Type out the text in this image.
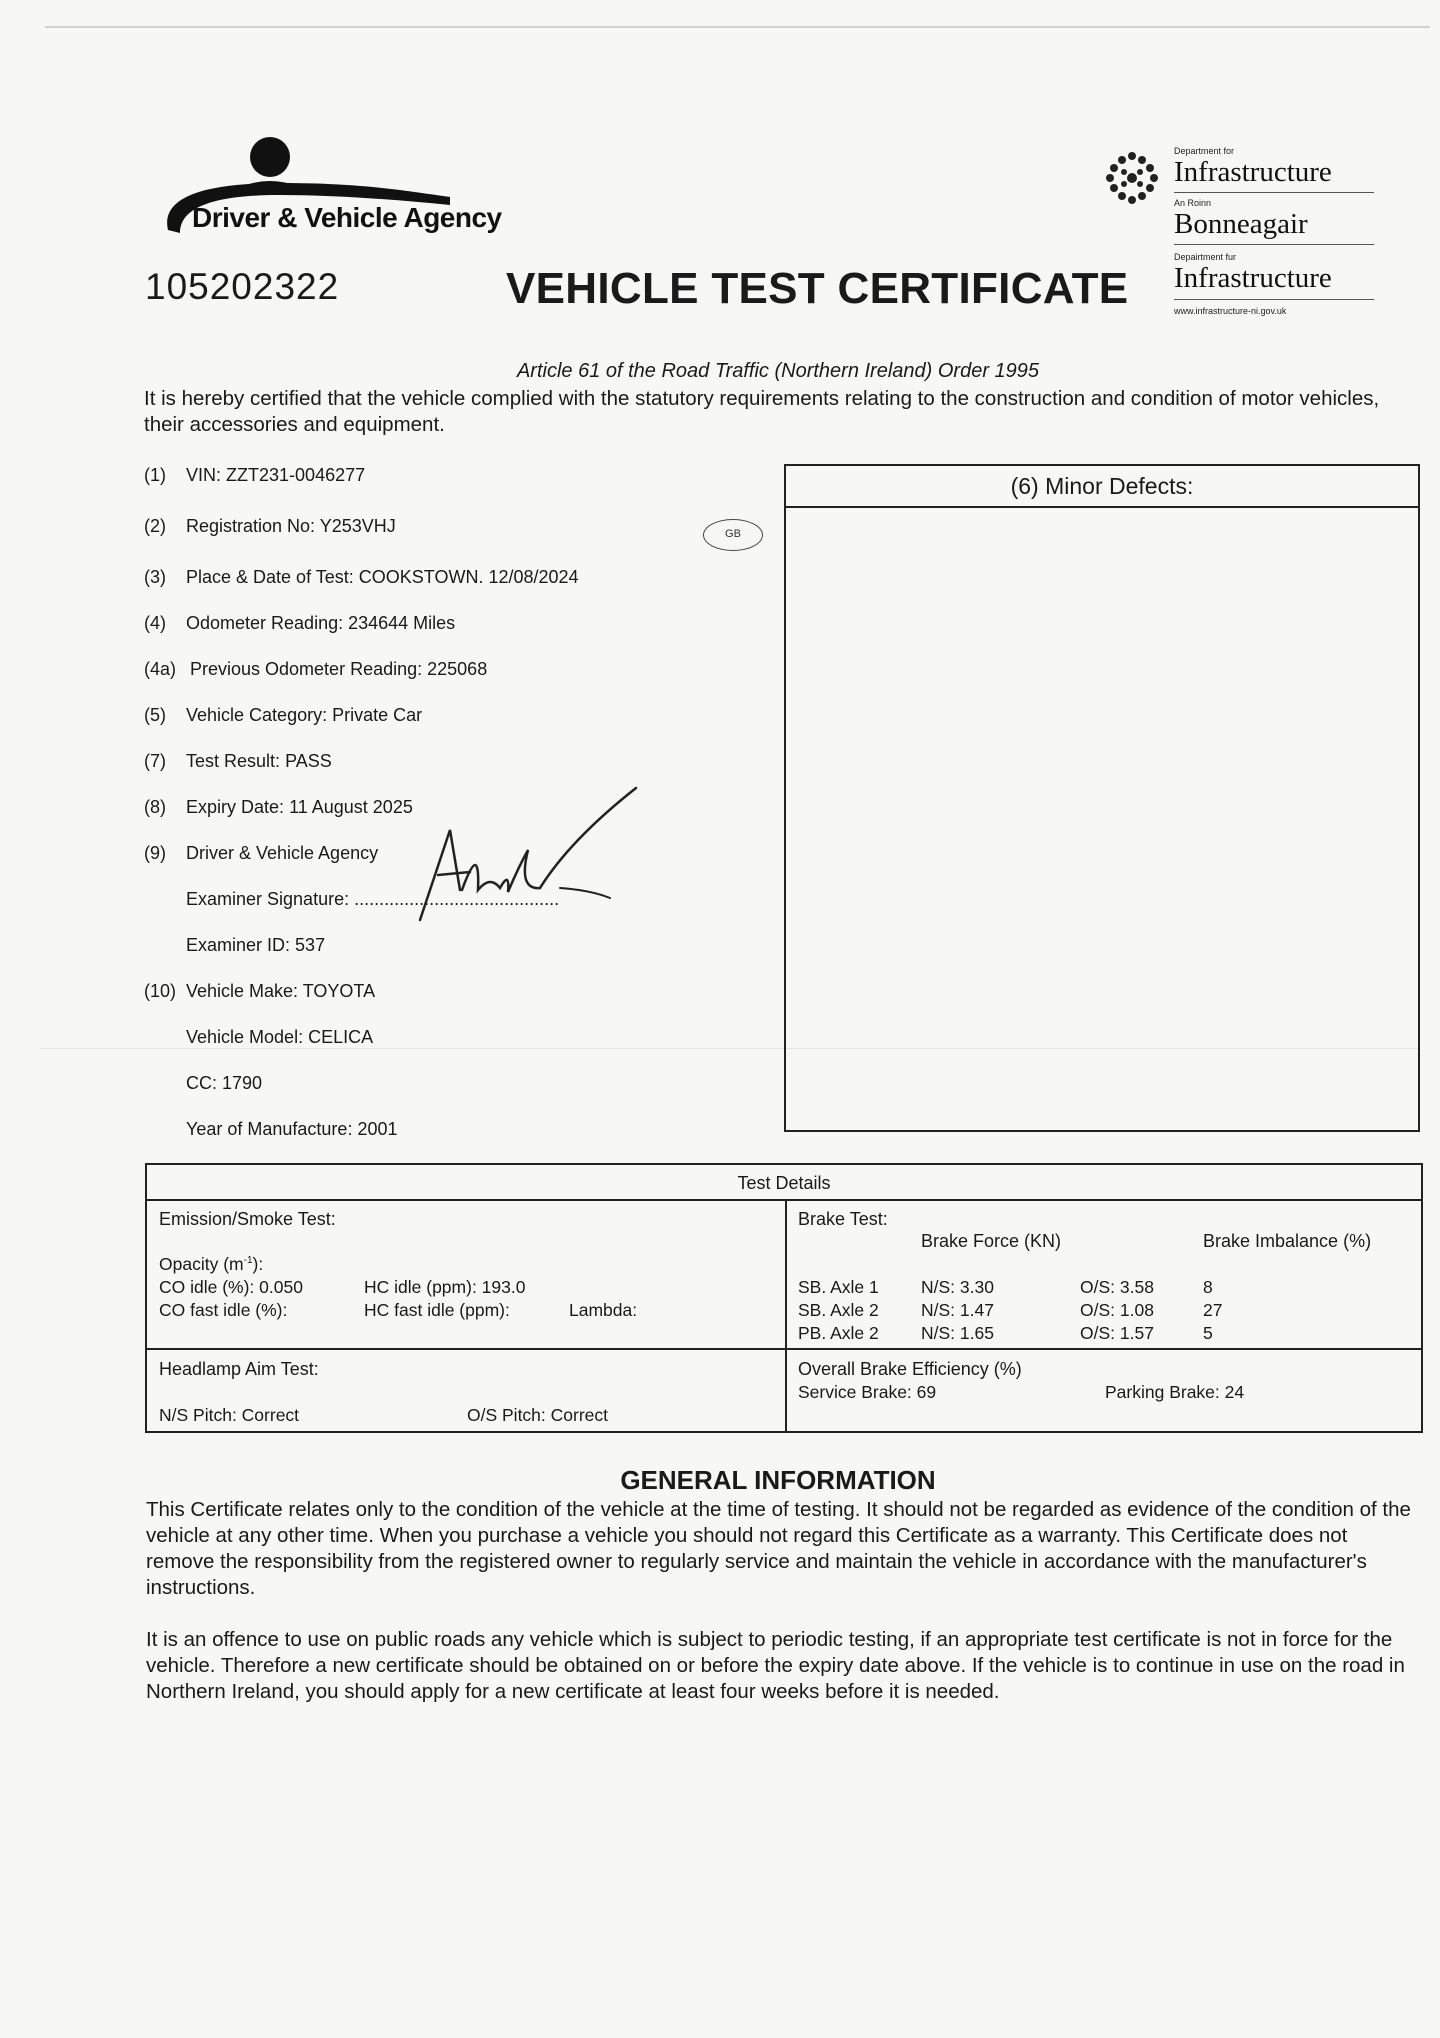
Driver & Vehicle Agency
Department for
Infrastructure
An Roinn
Bonneagair
Depairtment fur
Infrastructure
www.infrastructure-ni.gov.uk
105202322	VEHICLE TEST CERTIFICATE
Article 61 of the Road Traffic (Northern Ireland) Order 1995
It is hereby certified that the vehicle complied with the statutory requirements relating to the construction and condition of motor vehicles, their accessories and equipment.
(1) VIN: ZZT231-0046277
(2) Registration No: Y253VHJ	GB
(3) Place & Date of Test: COOKSTOWN. 12/08/2024
(4) Odometer Reading: 234644 Miles
(4a) Previous Odometer Reading: 225068
(5) Vehicle Category: Private Car
(7) Test Result: PASS
(8) Expiry Date: 11 August 2025
(9) Driver & Vehicle Agency
Examiner Signature: .........................................
Examiner ID: 537
(10) Vehicle Make: TOYOTA
Vehicle Model: CELICA
CC: 1790
Year of Manufacture: 2001
(6) Minor Defects:
Test Details
Emission/Smoke Test:
Opacity $(m^{-1})$:
CO idle (%): 0.050	HC idle (ppm): 193.0
CO fast idle (%):	HC fast idle (ppm):	Lambda:
Brake Test:
Brake Force (KN)	Brake Imbalance (%)
SB. Axle 1 N/S: 3.30	O/S: 3.58	8
SB. Axle 2 N/S: 1.47	O/S: 1.08	27
PB. Axle 2 N/S: 1.65	O/S: 1.57	5
Headlamp Aim Test:
N/S Pitch: Correct	O/S Pitch: Correct
Overall Brake Efficiency (%)
Service Brake: 69	Parking Brake: 24
GENERAL INFORMATION
This Certificate relates only to the condition of the vehicle at the time of testing. It should not be regarded as evidence of the condition of the vehicle at any other time. When you purchase a vehicle you should not regard this Certificate as a warranty. This Certificate does not remove the responsibility from the registered owner to regularly service and maintain the vehicle in accordance with the manufacturer's instructions.
It is an offence to use on public roads any vehicle which is subject to periodic testing, if an appropriate test certificate is not in force for the vehicle. Therefore a new certificate should be obtained on or before the expiry date above. If the vehicle is to continue in use on the road in Northern Ireland, you should apply for a new certificate at least four weeks before it is needed.
